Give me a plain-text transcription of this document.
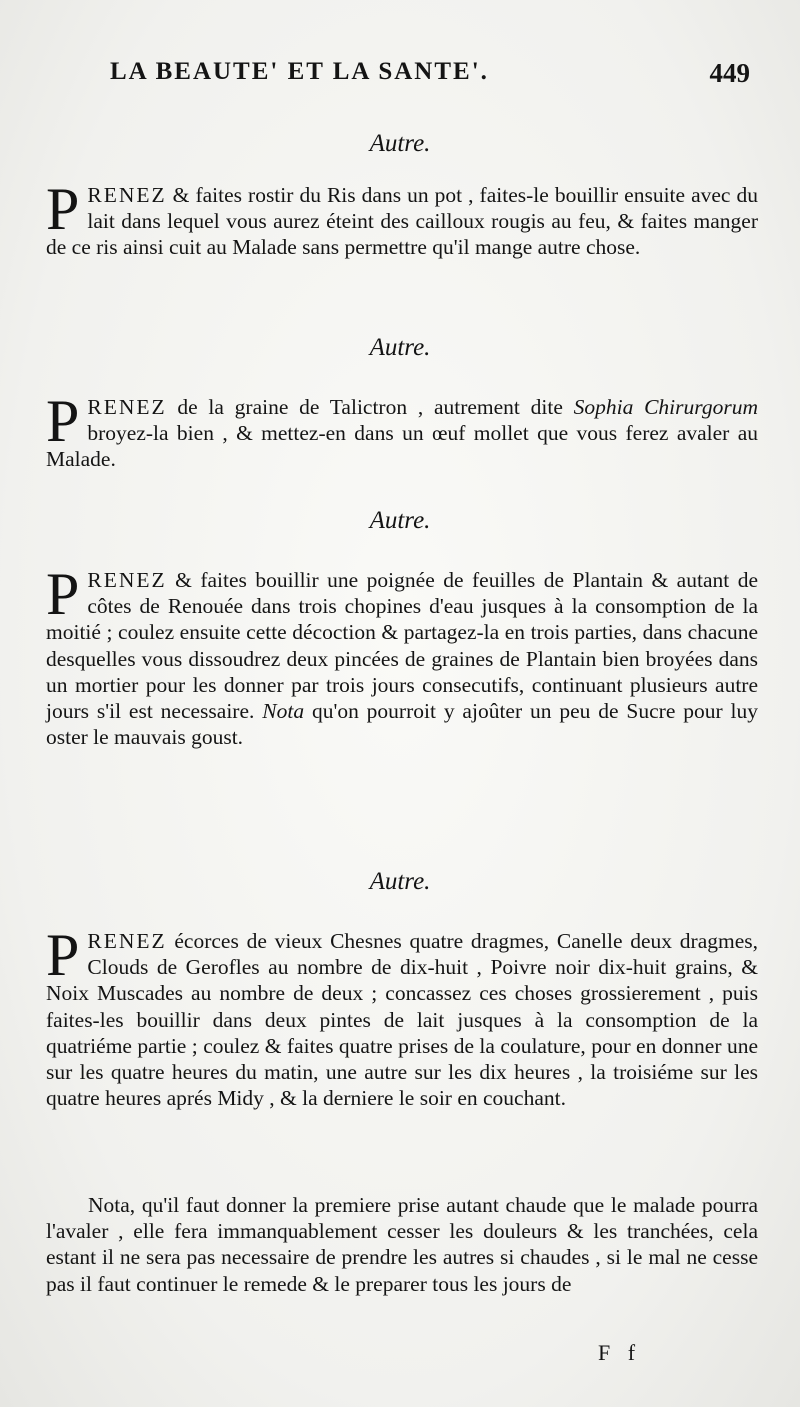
LA BEAUTE' ET LA SANTE'.	449
Autre.
PRENEZ & faites rostir du Ris dans un pot , faites-le bouillir ensuite avec du lait dans lequel vous aurez éteint des cailloux rougis au feu, & faites manger de ce ris ainsi cuit au Malade sans permettre qu'il mange autre chose.
Autre.
PRENEZ de la graine de Talictron , autrement dite Sophia Chirurgorum broyez-la bien , & mettez-en dans un œuf mollet que vous ferez avaler au Malade.
Autre.
PRENEZ & faites bouillir une poignée de feuilles de Plantain & autant de côtes de Renouée dans trois chopines d'eau jusques à la consomption de la moitié ; coulez ensuite cette décoction & partagez-la en trois parties, dans chacune desquelles vous dissoudrez deux pincées de graines de Plantain bien broyées dans un mortier pour les donner par trois jours consecutifs, continuant plusieurs autre jours s'il est necessaire. Nota qu'on pourroit y ajoûter un peu de Sucre pour luy oster le mauvais goust.
Autre.
PRENEZ écorces de vieux Chesnes quatre dragmes, Canelle deux dragmes, Clouds de Gerofles au nombre de dix-huit , Poivre noir dix-huit grains, & Noix Muscades au nombre de deux ; concassez ces choses grossierement , puis faites-les bouillir dans deux pintes de lait jusques à la consomption de la quatriéme partie ; coulez & faites quatre prises de la coulature, pour en donner une sur les quatre heures du matin, une autre sur les dix heures , la troisiéme sur les quatre heures aprés Midy , & la derniere le soir en couchant.
Nota, qu'il faut donner la premiere prise autant chaude que le malade pourra l'avaler , elle fera immanquablement cesser les douleurs & les tranchées, cela estant il ne sera pas necessaire de prendre les autres si chaudes , si le mal ne cesse pas il faut continuer le remede & le preparer tous les jours de
F f
